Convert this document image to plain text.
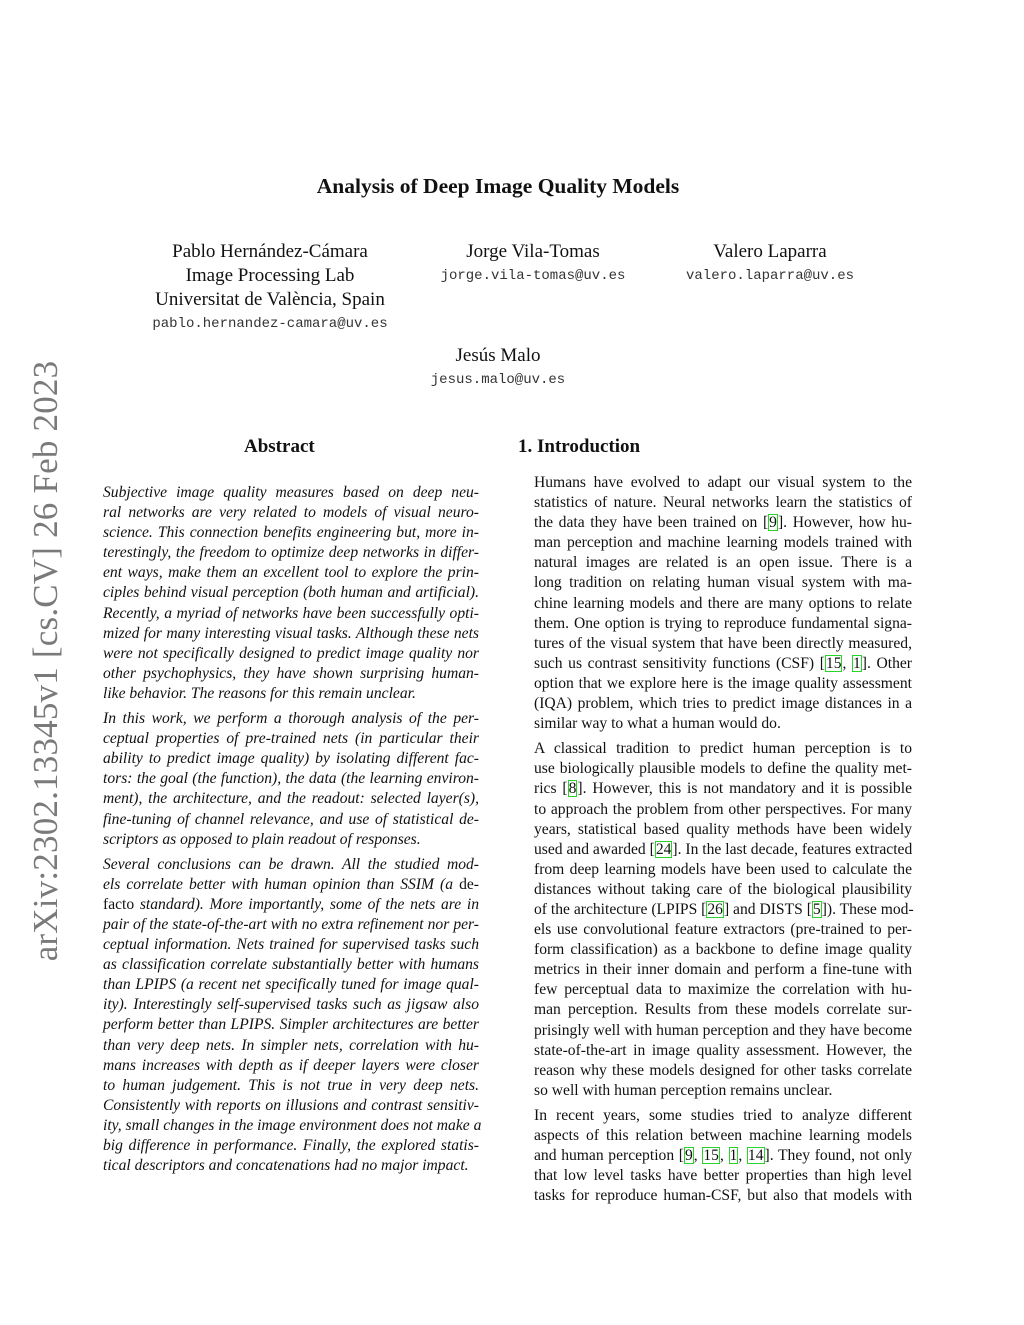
arXiv:2302.13345v1 [cs.CV] 26 Feb 2023
Analysis of Deep Image Quality Models
Pablo Hernández-Cámara
Image Processing Lab
Universitat de València, Spain
pablo.hernandez-camara@uv.es
Jorge Vila-Tomas
jorge.vila-tomas@uv.es
Valero Laparra
valero.laparra@uv.es
Jesús Malo
jesus.malo@uv.es
Abstract

Subjective image quality measures based on deep neu-
ral networks are very related to models of visual neuro-
science. This connection benefits engineering but, more in-
terestingly, the freedom to optimize deep networks in differ-
ent ways, make them an excellent tool to explore the prin-
ciples behind visual perception (both human and artificial).
Recently, a myriad of networks have been successfully opti-
mized for many interesting visual tasks. Although these nets
were not specifically designed to predict image quality nor
other psychophysics, they have shown surprising human-
like behavior. The reasons for this remain unclear.

In this work, we perform a thorough analysis of the per-
ceptual properties of pre-trained nets (in particular their
ability to predict image quality) by isolating different fac-
tors: the goal (the function), the data (the learning environ-
ment), the architecture, and the readout: selected layer(s),
fine-tuning of channel relevance, and use of statistical de-
scriptors as opposed to plain readout of responses.

Several conclusions can be drawn. All the studied mod-
els correlate better with human opinion than SSIM (a de-
facto standard). More importantly, some of the nets are in
pair of the state-of-the-art with no extra refinement nor per-
ceptual information. Nets trained for supervised tasks such
as classification correlate substantially better with humans
than LPIPS (a recent net specifically tuned for image qual-
ity). Interestingly self-supervised tasks such as jigsaw also
perform better than LPIPS. Simpler architectures are better
than very deep nets. In simpler nets, correlation with hu-
mans increases with depth as if deeper layers were closer
to human judgement. This is not true in very deep nets.
Consistently with reports on illusions and contrast sensitiv-
ity, small changes in the image environment does not make a
big difference in performance. Finally, the explored statis-
tical descriptors and concatenations had no major impact.

1. Introduction

Humans have evolved to adapt our visual system to the
statistics of nature. Neural networks learn the statistics of
the data they have been trained on [9]. However, how hu-
man perception and machine learning models trained with
natural images are related is an open issue. There is a
long tradition on relating human visual system with ma-
chine learning models and there are many options to relate
them. One option is trying to reproduce fundamental signa-
tures of the visual system that have been directly measured,
such us contrast sensitivity functions (CSF) [15, 1]. Other
option that we explore here is the image quality assessment
(IQA) problem, which tries to predict image distances in a
similar way to what a human would do.

A classical tradition to predict human perception is to
use biologically plausible models to define the quality met-
rics [8]. However, this is not mandatory and it is possible
to approach the problem from other perspectives. For many
years, statistical based quality methods have been widely
used and awarded [24]. In the last decade, features extracted
from deep learning models have been used to calculate the
distances without taking care of the biological plausibility
of the architecture (LPIPS [26] and DISTS [5]). These mod-
els use convolutional feature extractors (pre-trained to per-
form classification) as a backbone to define image quality
metrics in their inner domain and perform a fine-tune with
few perceptual data to maximize the correlation with hu-
man perception. Results from these models correlate sur-
prisingly well with human perception and they have become
state-of-the-art in image quality assessment. However, the
reason why these models designed for other tasks correlate
so well with human perception remains unclear.

In recent years, some studies tried to analyze different
aspects of this relation between machine learning models
and human perception [9, 15, 1, 14]. They found, not only
that low level tasks have better properties than high level
tasks for reproduce human-CSF, but also that models with
